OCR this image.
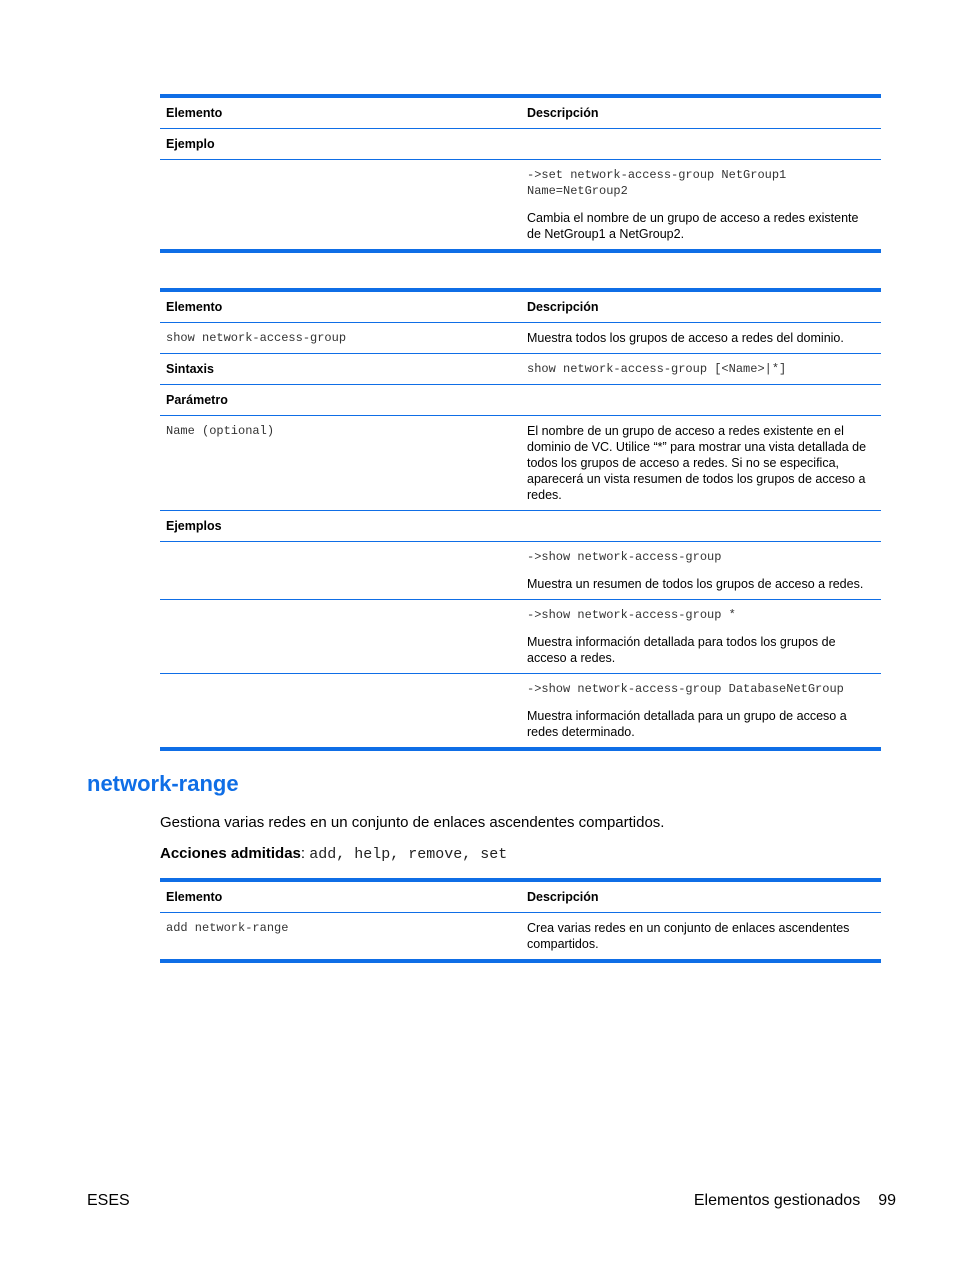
Elemento	Descripción
Ejemplo	

	->set network-access-group NetGroup1
Name=NetGroup2

Cambia el nombre de un grupo de acceso a redes existente de NetGroup1 a NetGroup2.

Elemento	Descripción
show network-access-group	Muestra todos los grupos de acceso a redes del dominio.
Sintaxis	show network-access-group [<Name>|*]
Parámetro	
Name (optional)	El nombre de un grupo de acceso a redes existente en el dominio de VC. Utilice “*” para mostrar una vista detallada de todos los grupos de acceso a redes. Si no se especifica, aparecerá un vista resumen de todos los grupos de acceso a redes.
Ejemplos	

	->show network-access-group

Muestra un resumen de todos los grupos de acceso a redes.

	->show network-access-group *

Muestra información detallada para todos los grupos de acceso a redes.

	->show network-access-group DatabaseNetGroup

Muestra información detallada para un grupo de acceso a redes determinado.

network-range

Gestiona varias redes en un conjunto de enlaces ascendentes compartidos.

Acciones admitidas: add, help, remove, set

Elemento	Descripción
add network-range	Crea varias redes en un conjunto de enlaces ascendentes compartidos.
ESES	Elementos gestionados 99
